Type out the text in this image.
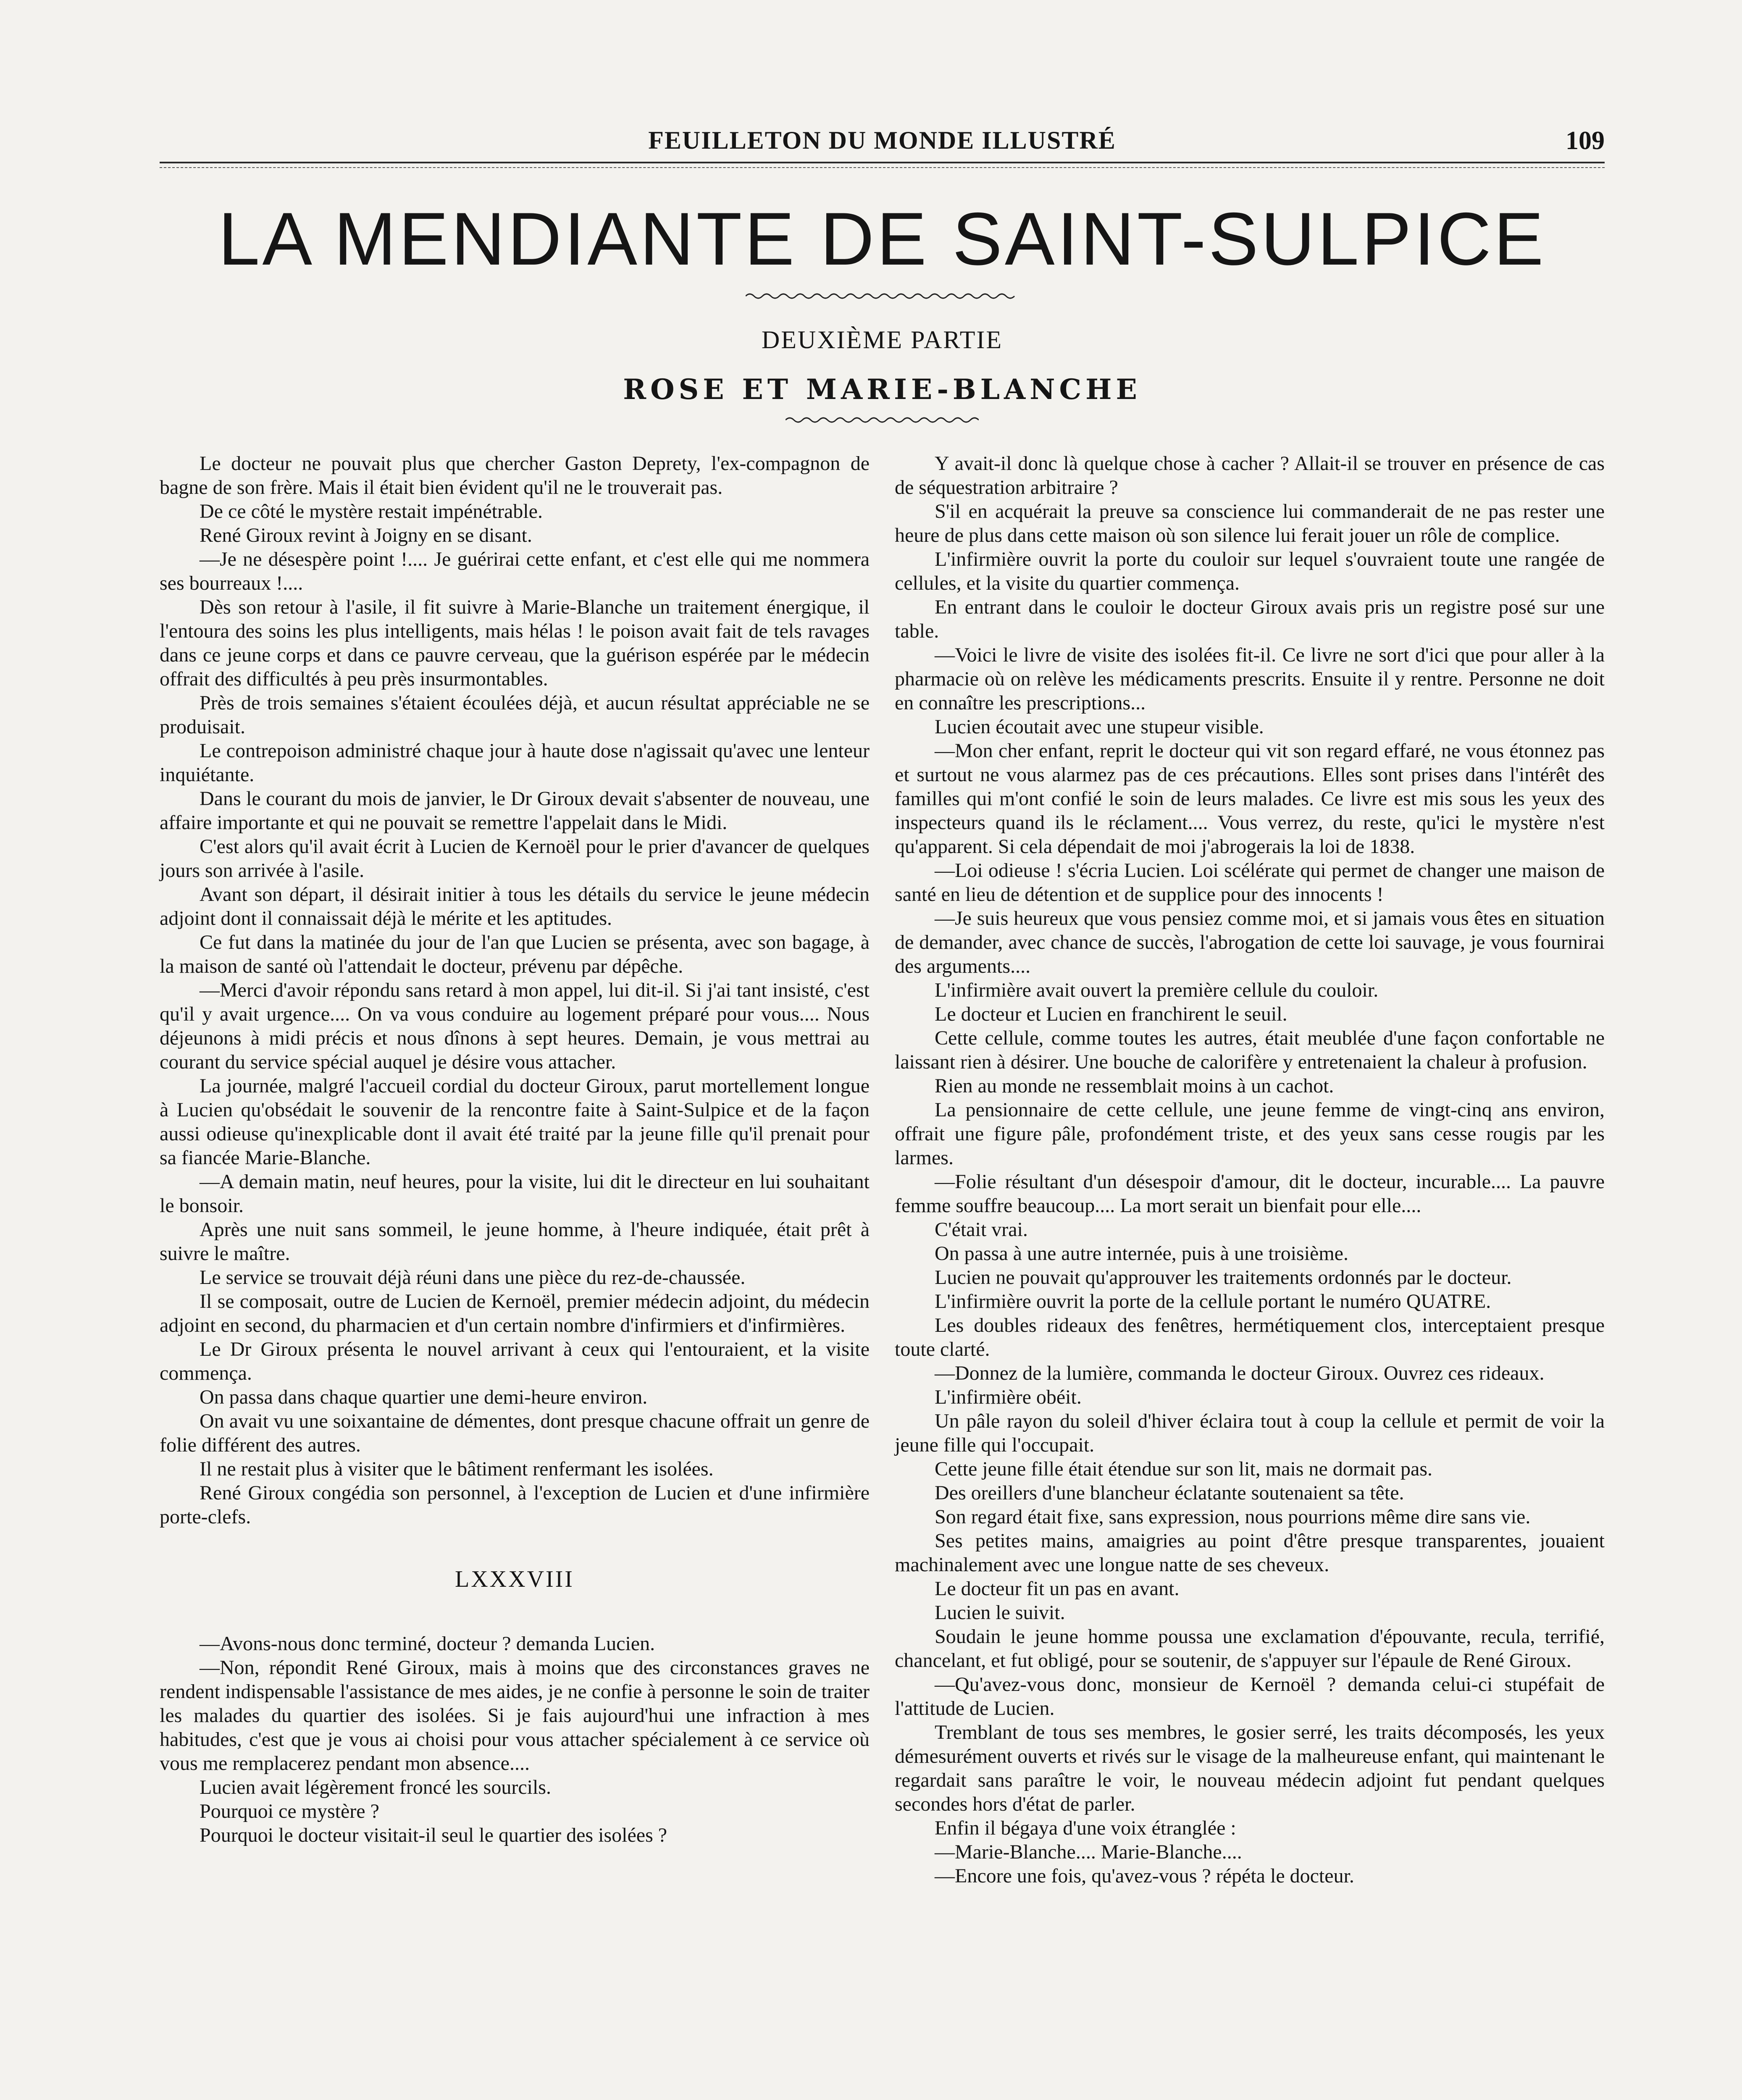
FEUILLETON DU MONDE ILLUSTRÉ	109
LA MENDIANTE DE SAINT-SULPICE
DEUXIÈME PARTIE
ROSE ET MARIE-BLANCHE

Le docteur ne pouvait plus que chercher Gaston Deprety, l'ex-compagnon de bagne de son frère. Mais il était bien évident qu'il ne le trouverait pas.

De ce côté le mystère restait impénétrable.

René Giroux revint à Joigny en se disant.

—Je ne désespère point !.... Je guérirai cette enfant, et c'est elle qui me nommera ses bourreaux !....

Dès son retour à l'asile, il fit suivre à Marie-Blanche un traitement énergique, il l'entoura des soins les plus intelligents, mais hélas ! le poison avait fait de tels ravages dans ce jeune corps et dans ce pauvre cerveau, que la guérison espérée par le médecin offrait des difficultés à peu près insurmontables.

Près de trois semaines s'étaient écoulées déjà, et aucun résultat appréciable ne se produisait.

Le contrepoison administré chaque jour à haute dose n'agissait qu'avec une lenteur inquiétante.

Dans le courant du mois de janvier, le Dr Giroux devait s'absenter de nouveau, une affaire importante et qui ne pouvait se remettre l'appelait dans le Midi.

C'est alors qu'il avait écrit à Lucien de Kernoël pour le prier d'avancer de quelques jours son arrivée à l'asile.

Avant son départ, il désirait initier à tous les détails du service le jeune médecin adjoint dont il connaissait déjà le mérite et les aptitudes.

Ce fut dans la matinée du jour de l'an que Lucien se présenta, avec son bagage, à la maison de santé où l'attendait le docteur, prévenu par dépêche.

—Merci d'avoir répondu sans retard à mon appel, lui dit-il. Si j'ai tant insisté, c'est qu'il y avait urgence.... On va vous conduire au logement préparé pour vous.... Nous déjeunons à midi précis et nous dînons à sept heures. Demain, je vous mettrai au courant du service spécial auquel je désire vous attacher.

La journée, malgré l'accueil cordial du docteur Giroux, parut mortellement longue à Lucien qu'obsédait le souvenir de la rencontre faite à Saint-Sulpice et de la façon aussi odieuse qu'inexplicable dont il avait été traité par la jeune fille qu'il prenait pour sa fiancée Marie-Blanche.

—A demain matin, neuf heures, pour la visite, lui dit le directeur en lui souhaitant le bonsoir.

Après une nuit sans sommeil, le jeune homme, à l'heure indiquée, était prêt à suivre le maître.

Le service se trouvait déjà réuni dans une pièce du rez-de-chaussée.

Il se composait, outre de Lucien de Kernoël, premier médecin adjoint, du médecin adjoint en second, du pharmacien et d'un certain nombre d'infirmiers et d'infirmières.

Le Dr Giroux présenta le nouvel arrivant à ceux qui l'entouraient, et la visite commença.

On passa dans chaque quartier une demi-heure environ.

On avait vu une soixantaine de démentes, dont presque chacune offrait un genre de folie différent des autres.

Il ne restait plus à visiter que le bâtiment renfermant les isolées.

René Giroux congédia son personnel, à l'exception de Lucien et d'une infirmière porte-clefs.

LXXXVIII

—Avons-nous donc terminé, docteur ? demanda Lucien.

—Non, répondit René Giroux, mais à moins que des circonstances graves ne rendent indispensable l'assistance de mes aides, je ne confie à personne le soin de traiter les malades du quartier des isolées. Si je fais aujourd'hui une infraction à mes habitudes, c'est que je vous ai choisi pour vous attacher spécialement à ce service où vous me remplacerez pendant mon absence....

Lucien avait légèrement froncé les sourcils.

Pourquoi ce mystère ?

Pourquoi le docteur visitait-il seul le quartier des isolées ?

Y avait-il donc là quelque chose à cacher ? Allait-il se trouver en présence de cas de séquestration arbitraire ?

S'il en acquérait la preuve sa conscience lui commanderait de ne pas rester une heure de plus dans cette maison où son silence lui ferait jouer un rôle de complice.

L'infirmière ouvrit la porte du couloir sur lequel s'ouvraient toute une rangée de cellules, et la visite du quartier commença.

En entrant dans le couloir le docteur Giroux avais pris un registre posé sur une table.

—Voici le livre de visite des isolées fit-il. Ce livre ne sort d'ici que pour aller à la pharmacie où on relève les médicaments prescrits. Ensuite il y rentre. Personne ne doit en connaître les prescriptions...

Lucien écoutait avec une stupeur visible.

—Mon cher enfant, reprit le docteur qui vit son regard effaré, ne vous étonnez pas et surtout ne vous alarmez pas de ces précautions. Elles sont prises dans l'intérêt des familles qui m'ont confié le soin de leurs malades. Ce livre est mis sous les yeux des inspecteurs quand ils le réclament.... Vous verrez, du reste, qu'ici le mystère n'est qu'apparent. Si cela dépendait de moi j'abrogerais la loi de 1838.

—Loi odieuse ! s'écria Lucien. Loi scélérate qui permet de changer une maison de santé en lieu de détention et de supplice pour des innocents !

—Je suis heureux que vous pensiez comme moi, et si jamais vous êtes en situation de demander, avec chance de succès, l'abrogation de cette loi sauvage, je vous fournirai des arguments....

L'infirmière avait ouvert la première cellule du couloir.

Le docteur et Lucien en franchirent le seuil.

Cette cellule, comme toutes les autres, était meublée d'une façon confortable ne laissant rien à désirer. Une bouche de calorifère y entretenaient la chaleur à profusion.

Rien au monde ne ressemblait moins à un cachot.

La pensionnaire de cette cellule, une jeune femme de vingt-cinq ans environ, offrait une figure pâle, profondément triste, et des yeux sans cesse rougis par les larmes.

—Folie résultant d'un désespoir d'amour, dit le docteur, incurable.... La pauvre femme souffre beaucoup.... La mort serait un bienfait pour elle....

C'était vrai.

On passa à une autre internée, puis à une troisième.

Lucien ne pouvait qu'approuver les traitements ordonnés par le docteur.

L'infirmière ouvrit la porte de la cellule portant le numéro QUATRE.

Les doubles rideaux des fenêtres, hermétiquement clos, interceptaient presque toute clarté.

—Donnez de la lumière, commanda le docteur Giroux. Ouvrez ces rideaux.

L'infirmière obéit.

Un pâle rayon du soleil d'hiver éclaira tout à coup la cellule et permit de voir la jeune fille qui l'occupait.

Cette jeune fille était étendue sur son lit, mais ne dormait pas.

Des oreillers d'une blancheur éclatante soutenaient sa tête.

Son regard était fixe, sans expression, nous pourrions même dire sans vie.

Ses petites mains, amaigries au point d'être presque transparentes, jouaient machinalement avec une longue natte de ses cheveux.

Le docteur fit un pas en avant.

Lucien le suivit.

Soudain le jeune homme poussa une exclamation d'épouvante, recula, terrifié, chancelant, et fut obligé, pour se soutenir, de s'appuyer sur l'épaule de René Giroux.

—Qu'avez-vous donc, monsieur de Kernoël ? demanda celui-ci stupéfait de l'attitude de Lucien.

Tremblant de tous ses membres, le gosier serré, les traits décomposés, les yeux démesurément ouverts et rivés sur le visage de la malheureuse enfant, qui maintenant le regardait sans paraître le voir, le nouveau médecin adjoint fut pendant quelques secondes hors d'état de parler.

Enfin il bégaya d'une voix étranglée :

—Marie-Blanche.... Marie-Blanche....

—Encore une fois, qu'avez-vous ? répéta le docteur.
